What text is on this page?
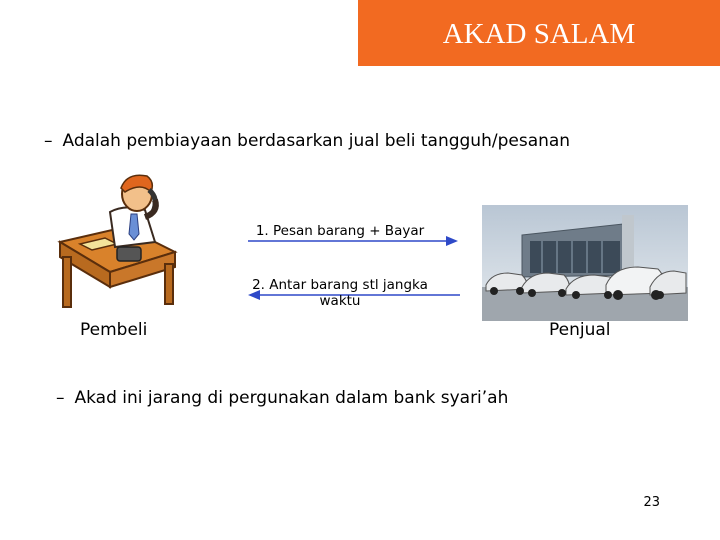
AKAD SALAM
– Adalah pembiayaan berdasarkan jual beli tangguh/pesanan
Pembeli	Penjual
1. Pesan barang + Bayar
2. Antar barang stl jangka waktu
– Akad ini jarang di pergunakan dalam bank syari’ah
23
